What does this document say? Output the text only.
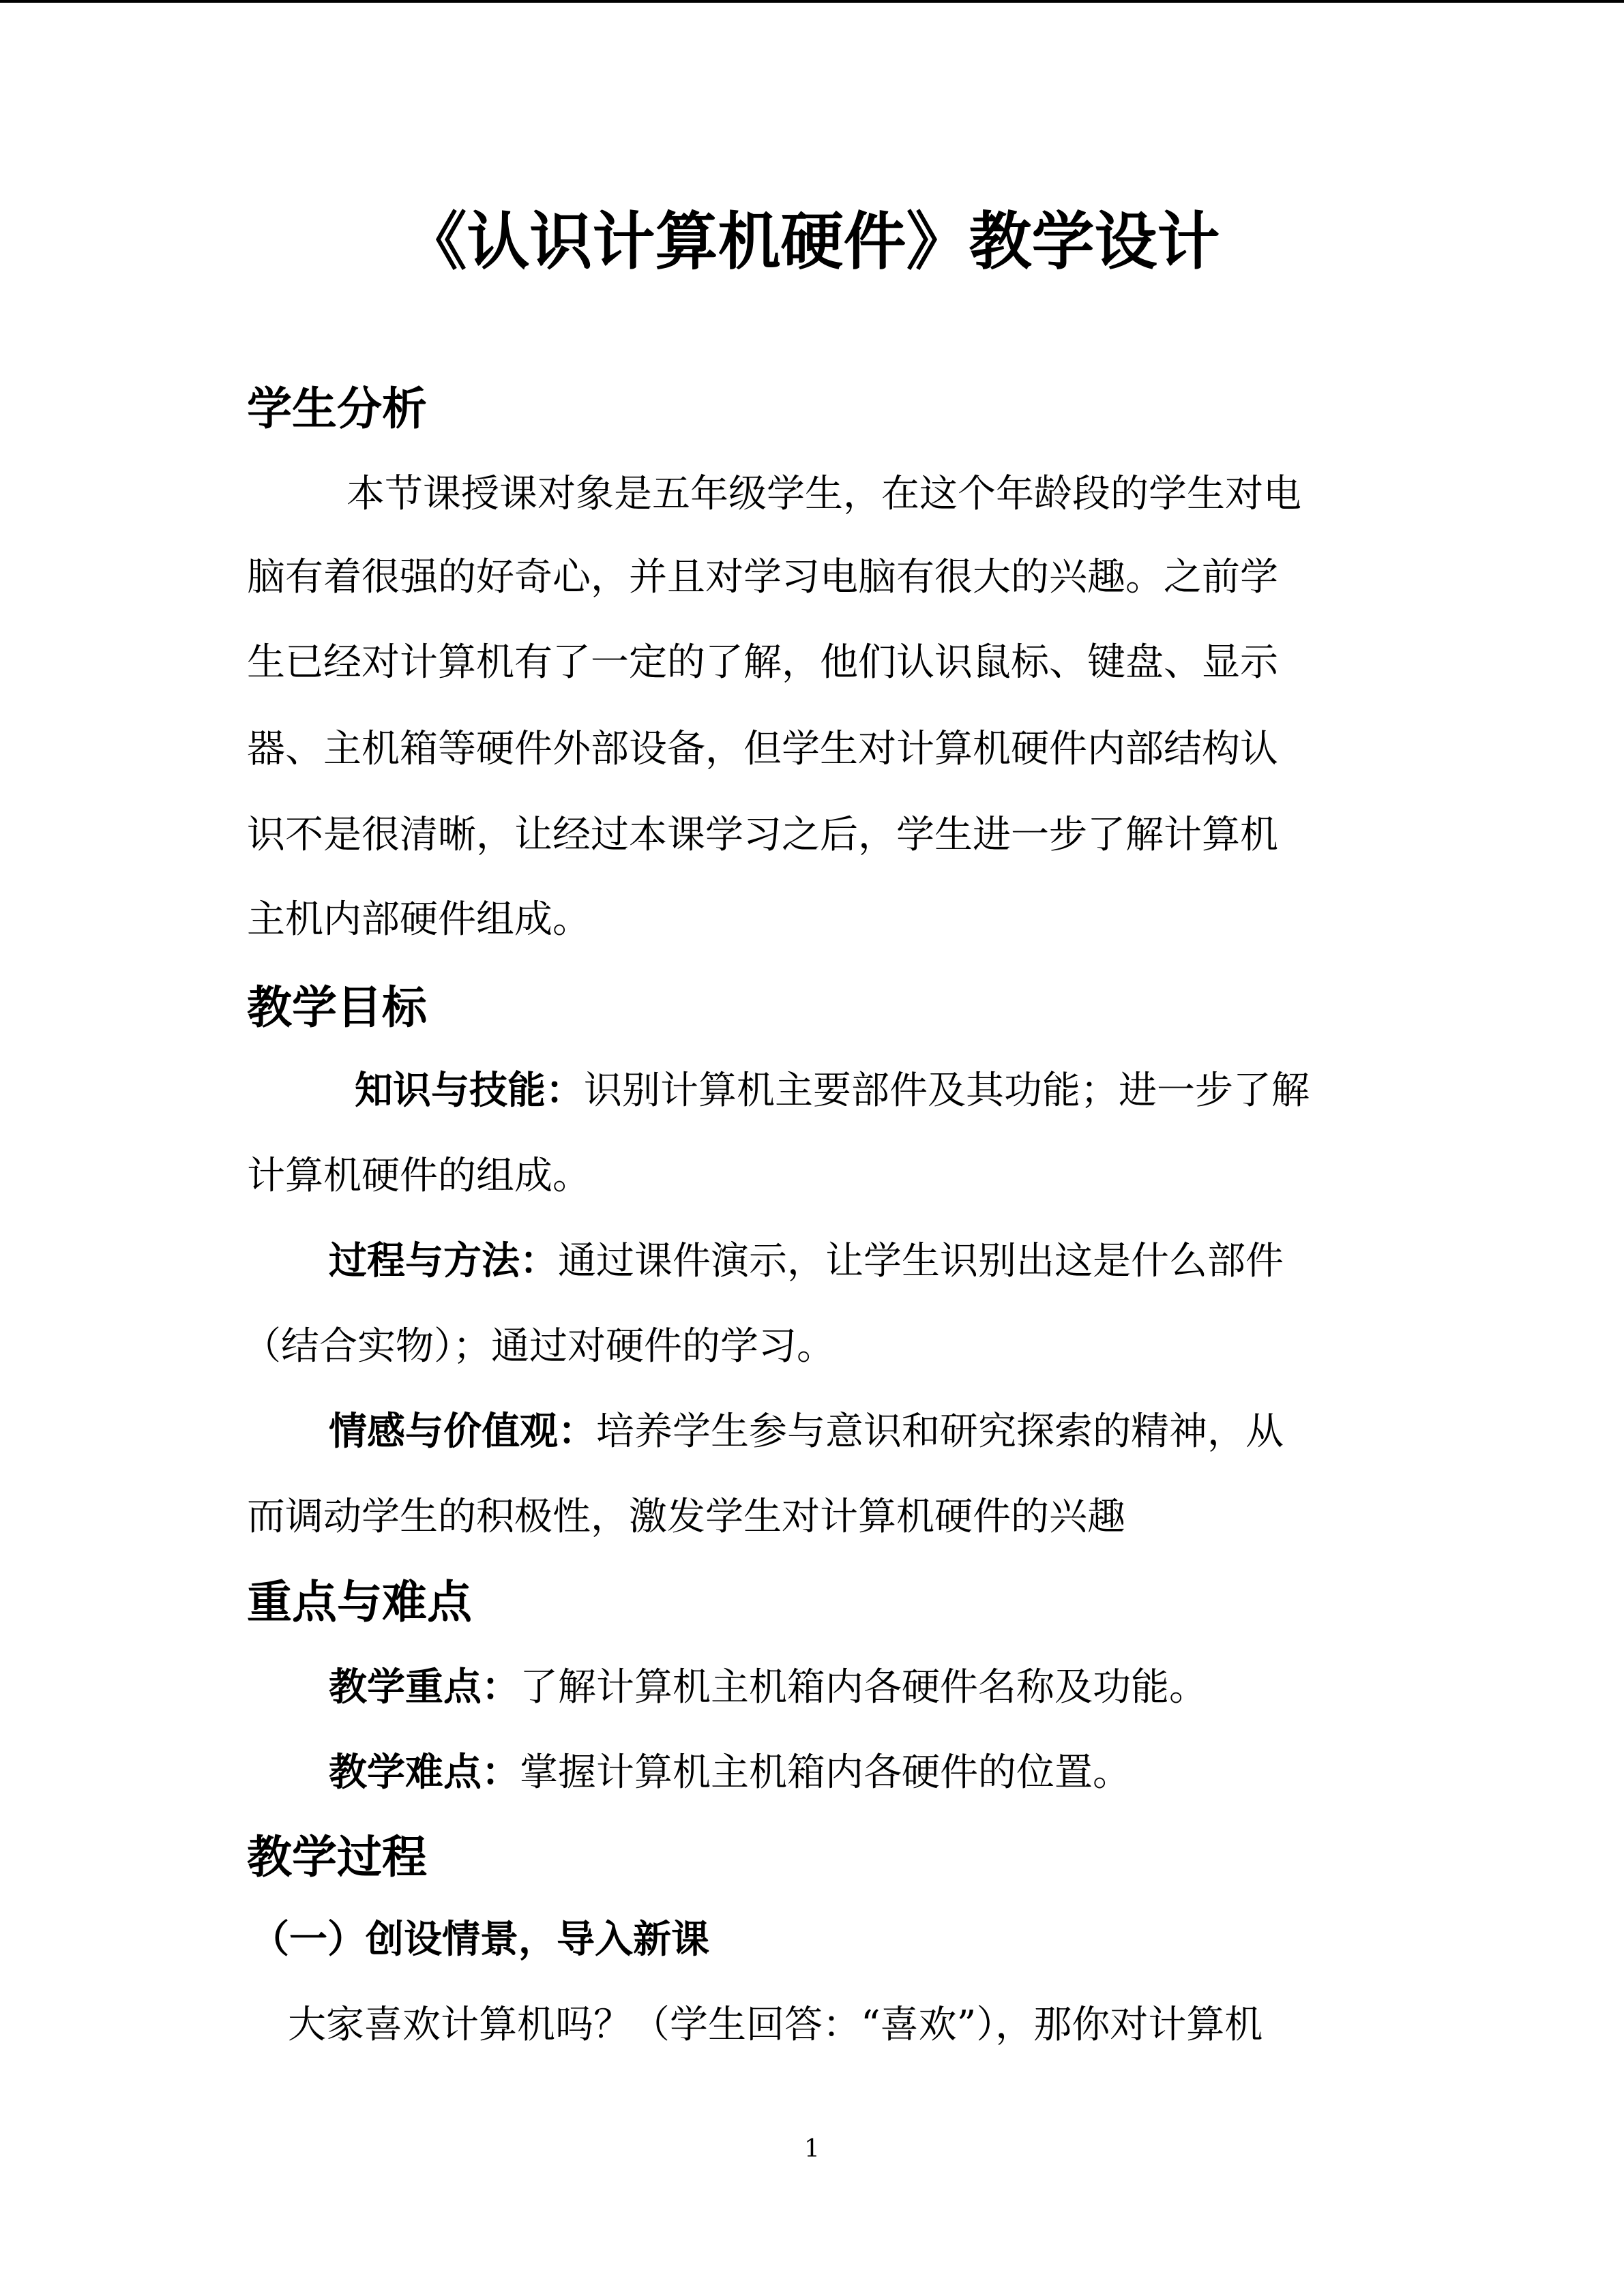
《认识计算机硬件》教学设计
学生分析

本节课授课对象是五年级学生，在这个年龄段的学生对电

脑有着很强的好奇心，并且对学习电脑有很大的兴趣。之前学

生已经对计算机有了一定的了解，他们认识鼠标、键盘、显示

器、主机箱等硬件外部设备，但学生对计算机硬件内部结构认

识不是很清晰，让经过本课学习之后，学生进一步了解计算机

主机内部硬件组成。

教学目标

知识与技能：识别计算机主要部件及其功能；进一步了解

计算机硬件的组成。

过程与方法：通过课件演示，让学生识别出这是什么部件

（结合实物）；通过对硬件的学习。

情感与价值观：培养学生参与意识和研究探索的精神，从

而调动学生的积极性，激发学生对计算机硬件的兴趣

重点与难点

教学重点：了解计算机主机箱内各硬件名称及功能。

教学难点：掌握计算机主机箱内各硬件的位置。

教学过程
（一）创设情景，导入新课

大家喜欢计算机吗？（学生回答：“喜欢”），那你对计算机

1
